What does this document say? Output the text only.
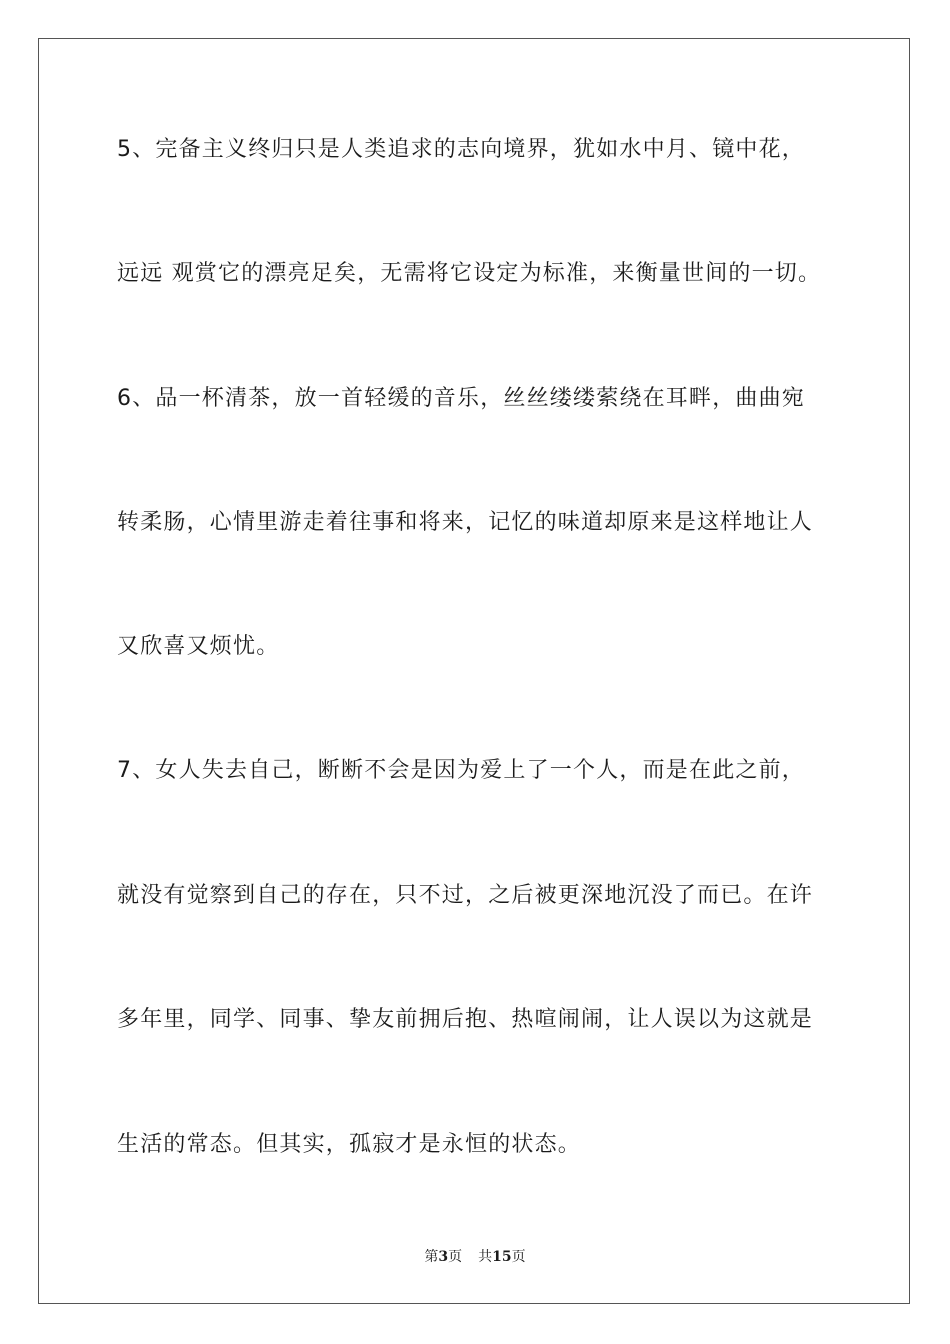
5、完备主义终归只是人类追求的志向境界，犹如水中月、镜中花，
远远 观赏它的漂亮足矣，无需将它设定为标准，来衡量世间的一切。
6、品一杯清茶，放一首轻缓的音乐，丝丝缕缕萦绕在耳畔，曲曲宛
转柔肠，心情里游走着往事和将来，记忆的味道却原来是这样地让人
又欣喜又烦忧。
7、女人失去自己，断断不会是因为爱上了一个人，而是在此之前，
就没有觉察到自己的存在，只不过，之后被更深地沉没了而已。在许
多年里，同学、同事、挚友前拥后抱、热喧闹闹，让人误以为这就是
生活的常态。但其实，孤寂才是永恒的状态。
第3页 共15页
